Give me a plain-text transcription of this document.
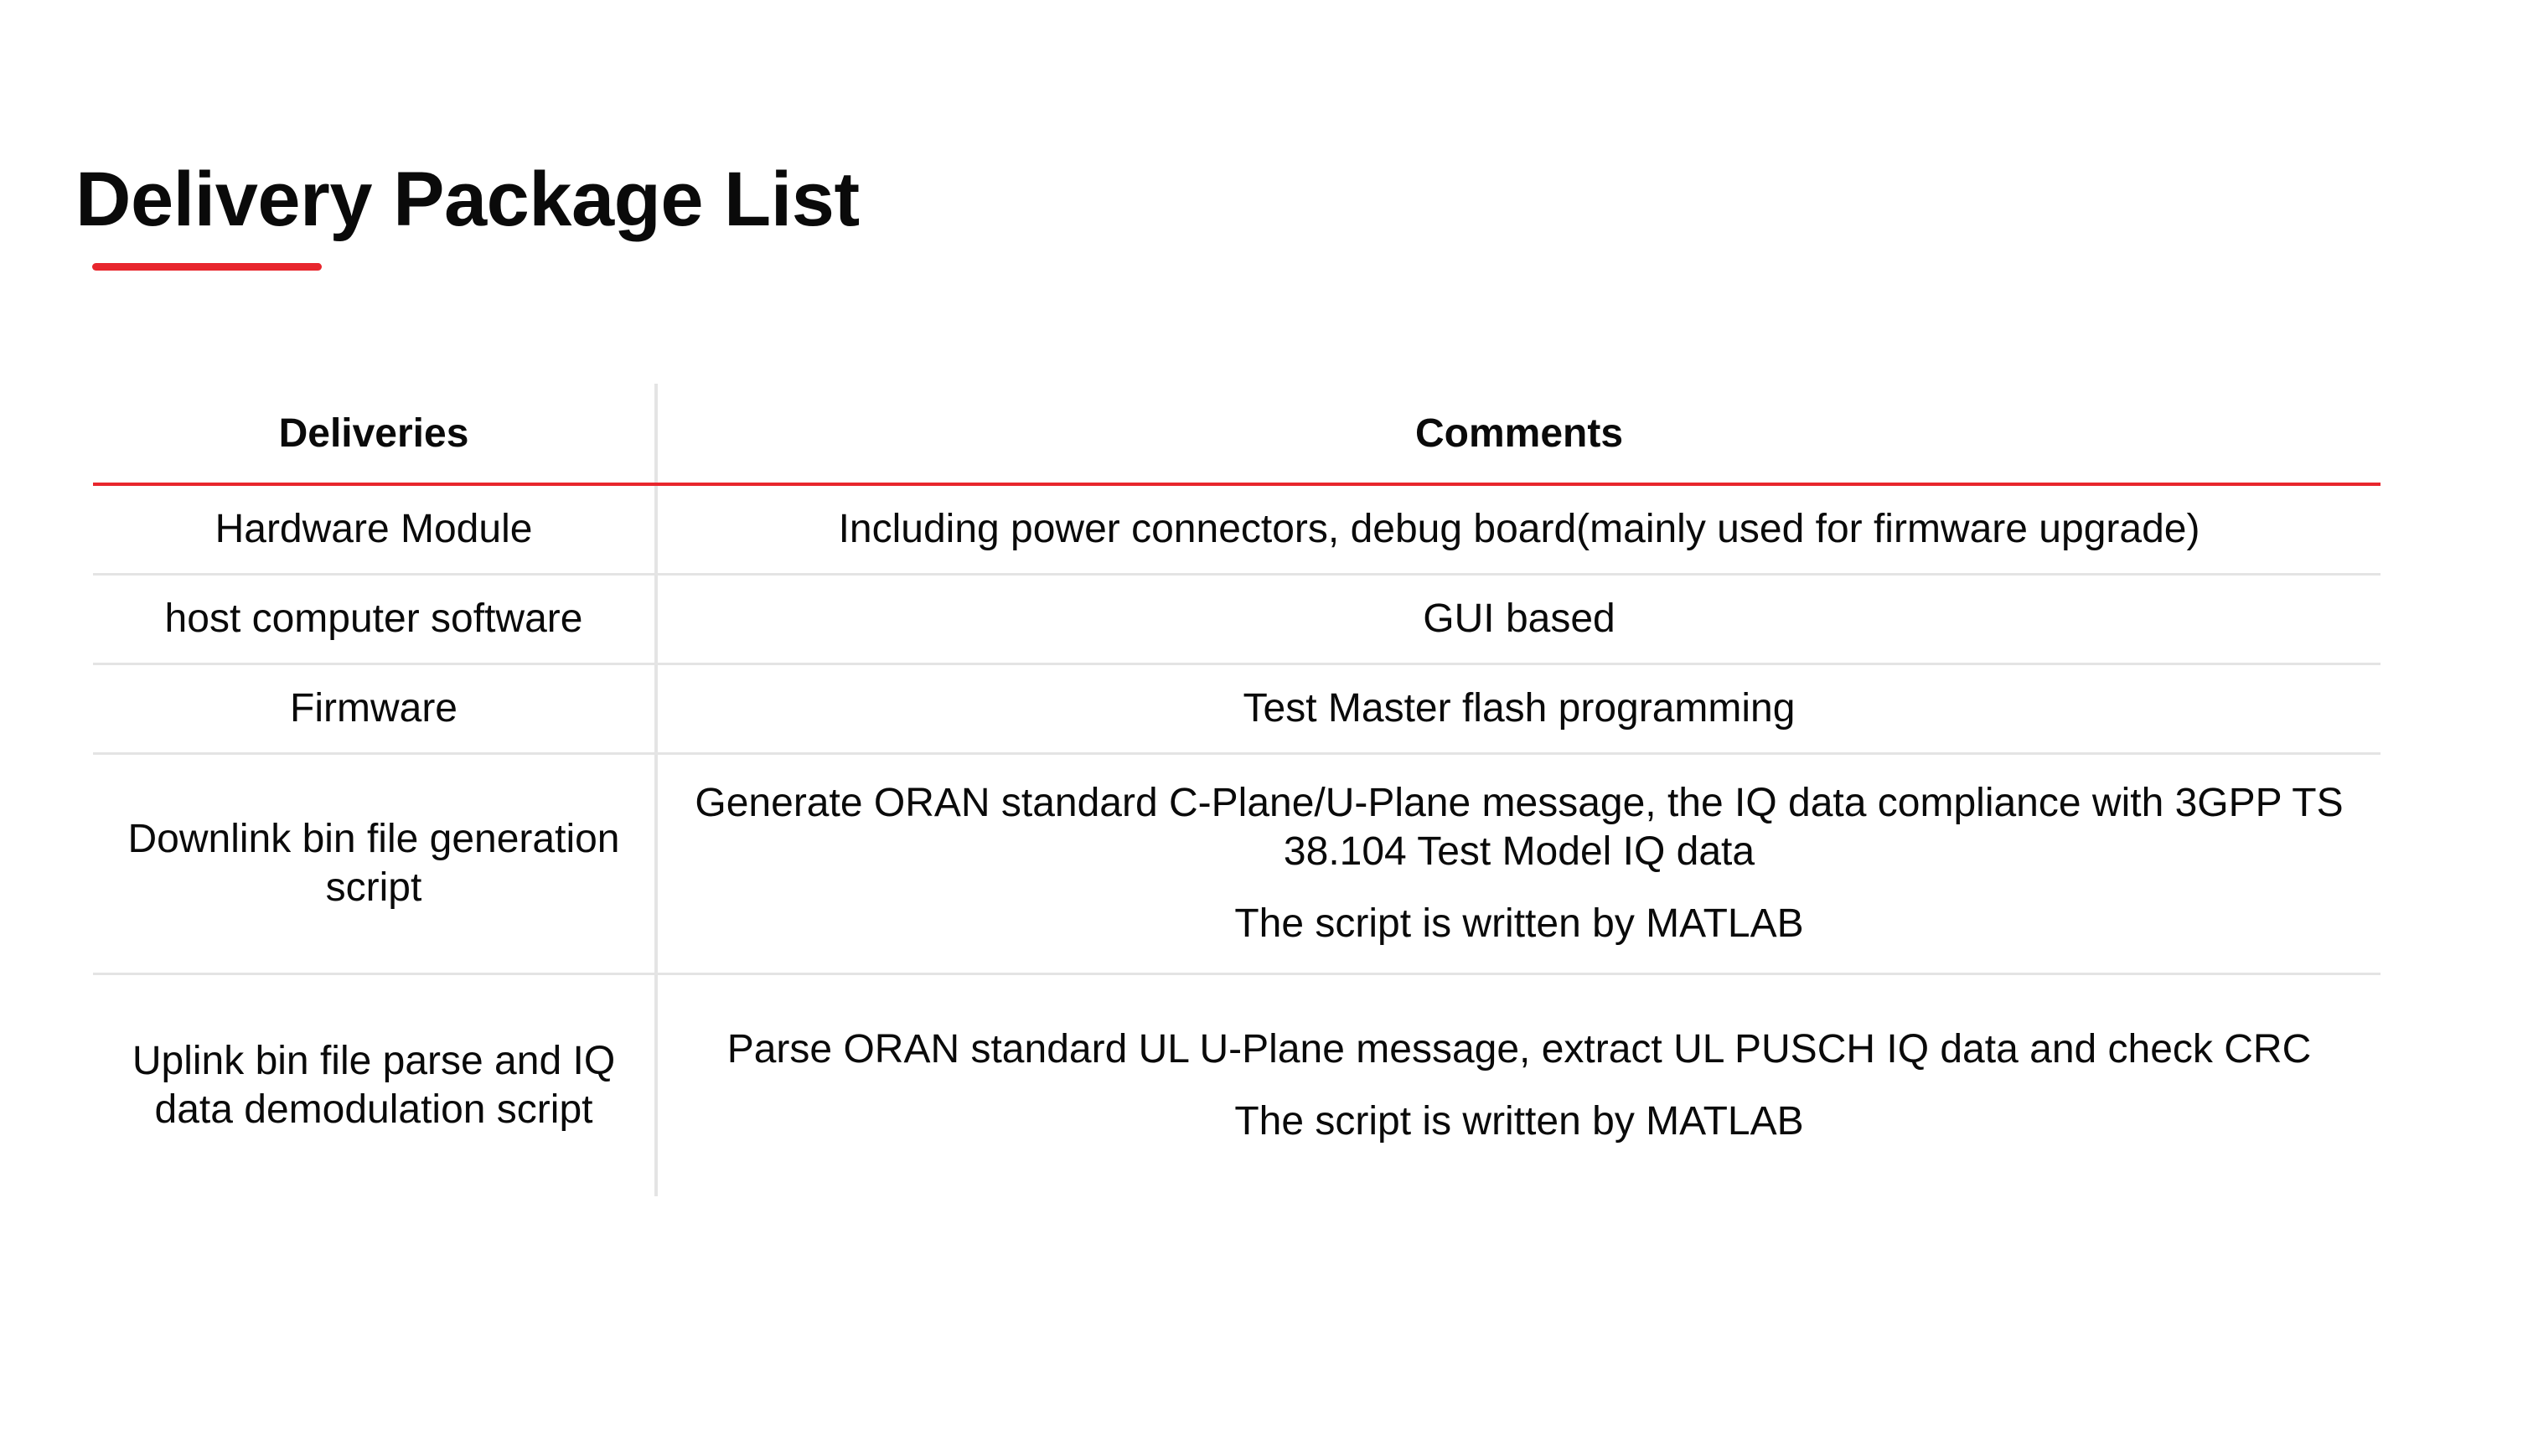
Delivery Package List
Deliveries	Comments
Hardware Module	Including power connectors, debug board(mainly used for firmware upgrade)

host computer software	GUI based

Firmware	Test Master flash programming

Downlink bin file generation script	Generate ORAN standard C-Plane/U-Plane message, the IQ data compliance with 3GPP TS 38.104 Test Model IQ data
The script is written by MATLAB

Uplink bin file parse and IQ data demodulation script	Parse ORAN standard UL U-Plane message, extract UL PUSCH IQ data and check CRC
The script is written by MATLAB
